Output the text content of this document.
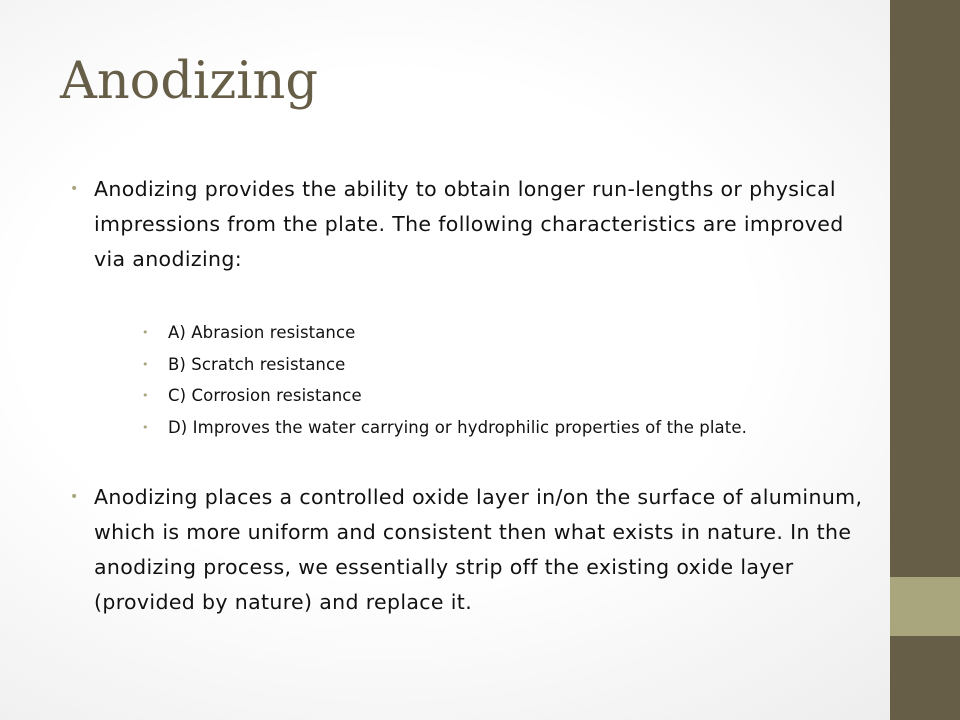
Anodizing
• Anodizing provides the ability to obtain longer run-lengths or physical impressions from the plate. The following characteristics are improved via anodizing:
• A) Abrasion resistance
• B) Scratch resistance
• C) Corrosion resistance
• D) Improves the water carrying or hydrophilic properties of the plate.
• Anodizing places a controlled oxide layer in/on the surface of aluminum, which is more uniform and consistent then what exists in nature. In the anodizing process, we essentially strip off the existing oxide layer (provided by nature) and replace it.
